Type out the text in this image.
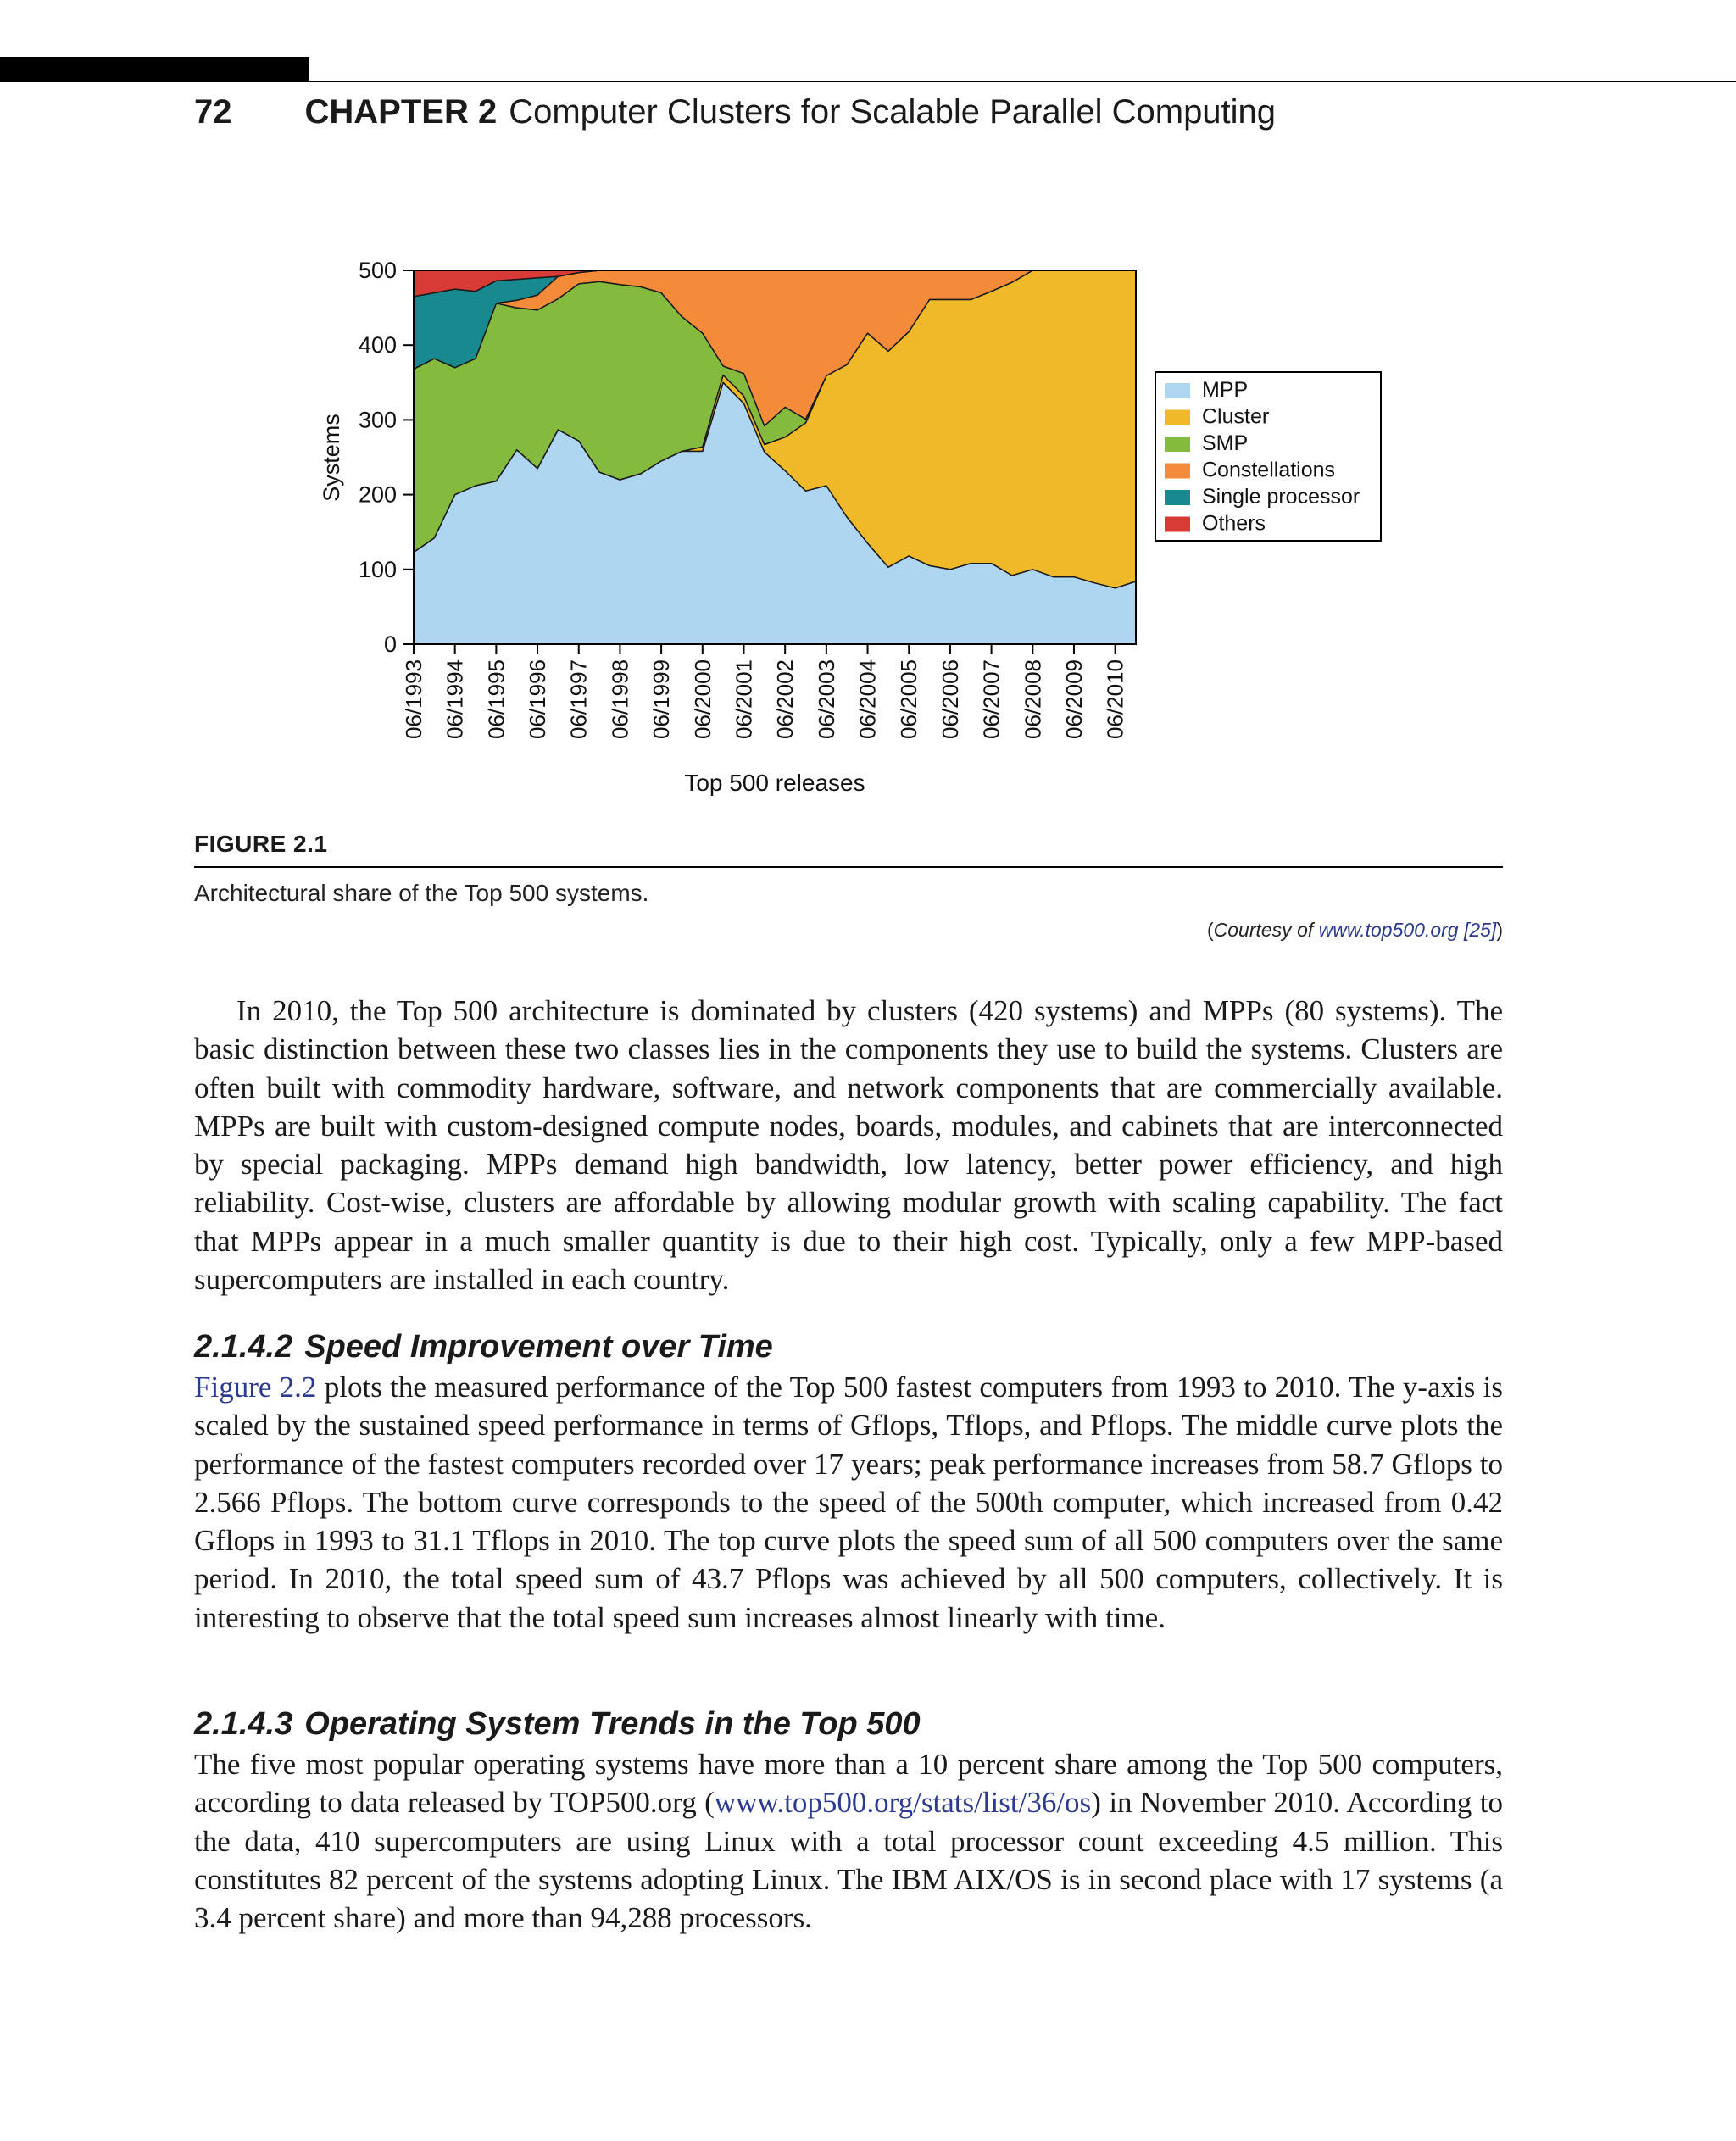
72 CHAPTER 2 Computer Clusters for Scalable Parallel Computing
0
100
200
300
400
500
06/1993 06/1994 06/1995 06/1996 06/1997 06/1998 06/1999 06/2000 06/2001 06/2002 06/2003 06/2004 06/2005 06/2006 06/2007 06/2008 06/2009 06/2010
Systems
Top 500 releases
MPP
Cluster
SMP
Constellations
Single processor
Others
FIGURE 2.1
Architectural share of the Top 500 systems.
(Courtesy of www.top500.org [25])

In 2010, the Top 500 architecture is dominated by clusters (420 systems) and MPPs (80 systems). The basic distinction between these two classes lies in the components they use to build the systems. Clusters are often built with commodity hardware, software, and network components that are commercially available. MPPs are built with custom-designed compute nodes, boards, modules, and cabinets that are interconnected by special packaging. MPPs demand high bandwidth, low latency, better power efficiency, and high reliability. Cost-wise, clusters are affordable by allowing modular growth with scaling capability. The fact that MPPs appear in a much smaller quantity is due to their high cost. Typically, only a few MPP-based supercomputers are installed in each country.

2.1.4.2 Speed Improvement over Time

Figure 2.2 plots the measured performance of the Top 500 fastest computers from 1993 to 2010. The y-axis is scaled by the sustained speed performance in terms of Gflops, Tflops, and Pflops. The middle curve plots the performance of the fastest computers recorded over 17 years; peak performance increases from 58.7 Gflops to 2.566 Pflops. The bottom curve corresponds to the speed of the 500th computer, which increased from 0.42 Gflops in 1993 to 31.1 Tflops in 2010. The top curve plots the speed sum of all 500 computers over the same period. In 2010, the total speed sum of 43.7 Pflops was achieved by all 500 computers, collectively. It is interesting to observe that the total speed sum increases almost linearly with time.

2.1.4.3 Operating System Trends in the Top 500

The five most popular operating systems have more than a 10 percent share among the Top 500 computers, according to data released by TOP500.org (www.top500.org/stats/list/36/os) in November 2010. According to the data, 410 supercomputers are using Linux with a total processor count exceeding 4.5 million. This constitutes 82 percent of the systems adopting Linux. The IBM AIX/OS is in second place with 17 systems (a 3.4 percent share) and more than 94,288 processors.
